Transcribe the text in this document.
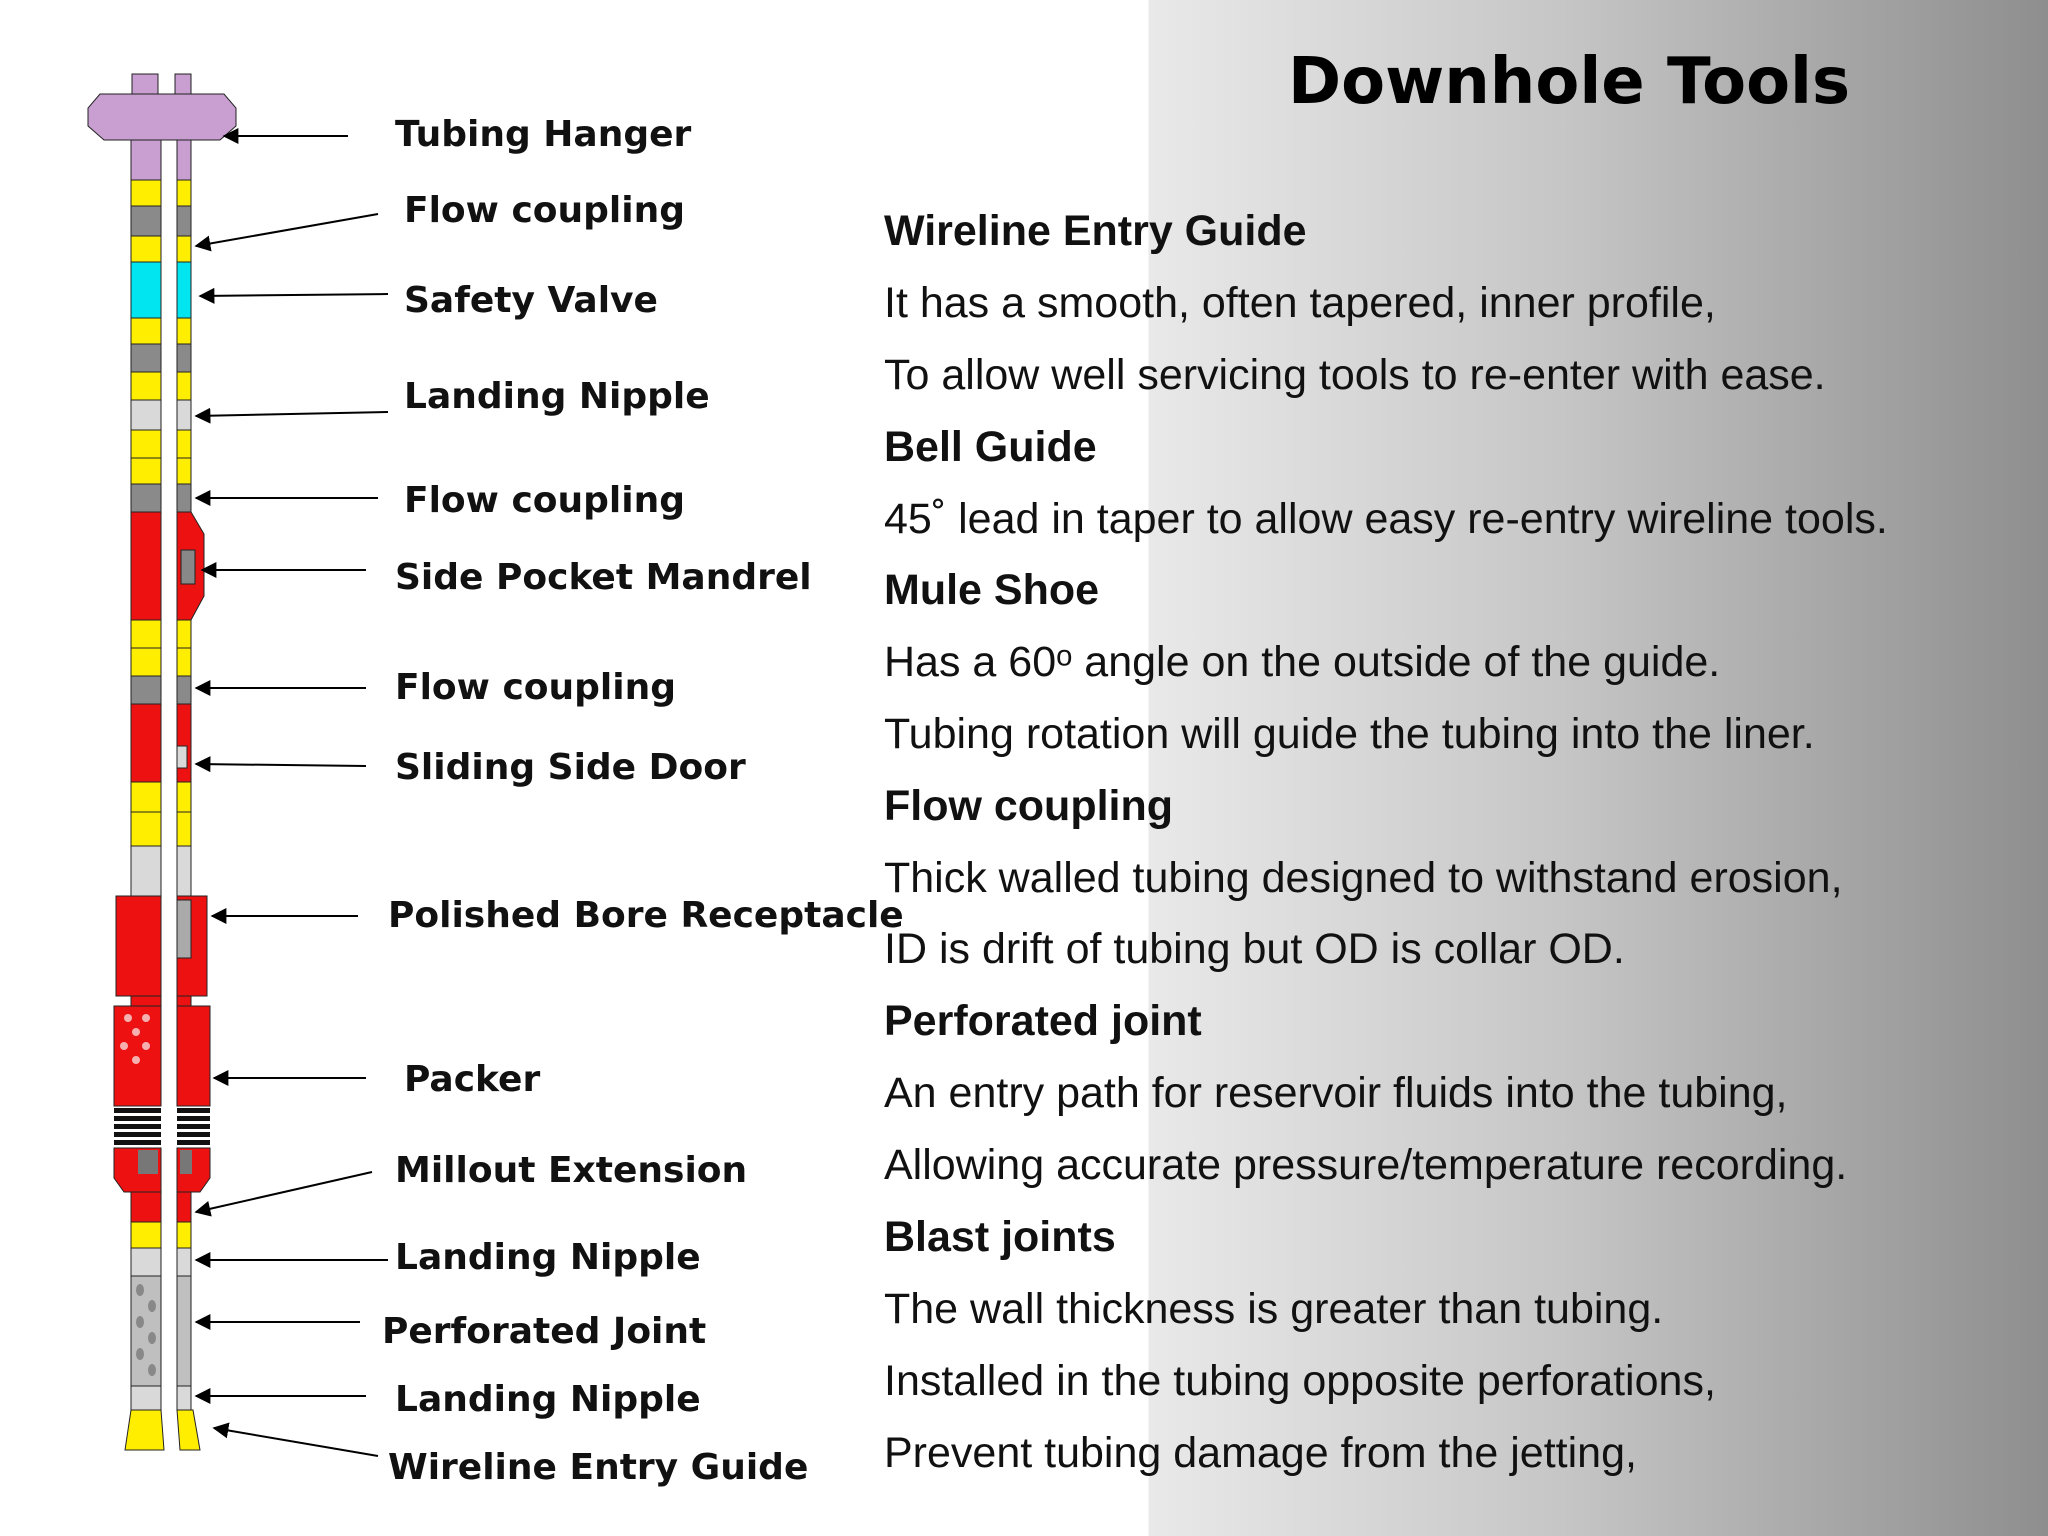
Downhole Tools
Tubing Hanger
Flow coupling
Safety Valve
Landing Nipple
Flow coupling
Side Pocket Mandrel
Flow coupling
Sliding Side Door
Polished Bore Receptacle
Packer
Millout Extension
Landing Nipple
Perforated Joint
Landing Nipple
Wireline Entry Guide
Wireline Entry Guide
It has a smooth, often tapered, inner profile,
To allow well servicing tools to re-enter with ease.
Bell Guide
45˚ lead in taper to allow easy re-entry wireline tools.
Mule Shoe
Has a 60ᵒ angle on the outside of the guide.
Tubing rotation will guide the tubing into the liner.
Flow coupling
Thick walled tubing designed to withstand erosion,
ID is drift of tubing but OD is collar OD.
Perforated joint
An entry path for reservoir fluids into the tubing,
Allowing accurate pressure/temperature recording.
Blast joints
The wall thickness is greater than tubing.
Installed in the tubing opposite perforations,
Prevent tubing damage from the jetting,
